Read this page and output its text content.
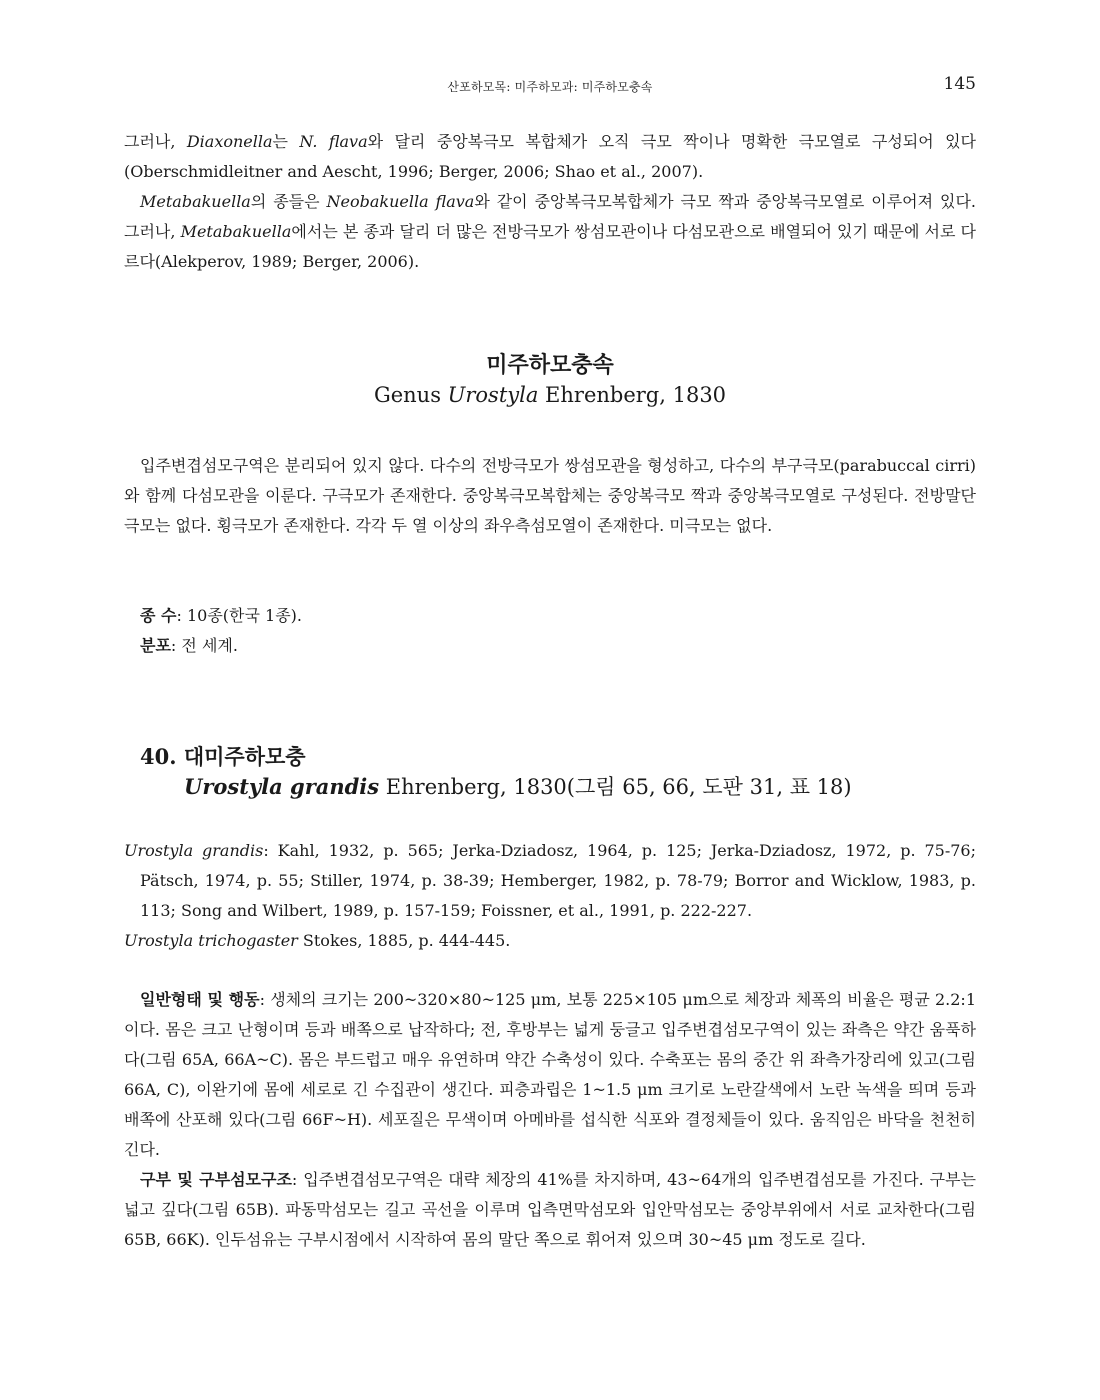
산포하모목: 미주하모과: 미주하모충속	145

그러나, Diaxonella는 N. flava와 달리 중앙복극모 복합체가 오직 극모 짝이나 명확한 극모열로 구성되어 있다(Oberschmidleitner and Aescht, 1996; Berger, 2006; Shao et al., 2007).

Metabakuella의 종들은 Neobakuella flava와 같이 중앙복극모복합체가 극모 짝과 중앙복극모열로 이루어져 있다. 그러나, Metabakuella에서는 본 종과 달리 더 많은 전방극모가 쌍섬모관이나 다섬모관으로 배열되어 있기 때문에 서로 다르다(Alekperov, 1989; Berger, 2006).

미주하모충속
Genus Urostyla Ehrenberg, 1830

입주변겹섬모구역은 분리되어 있지 않다. 다수의 전방극모가 쌍섬모관을 형성하고, 다수의 부구극모(parabuccal cirri)와 함께 다섬모관을 이룬다. 구극모가 존재한다. 중앙복극모복합체는 중앙복극모 짝과 중앙복극모열로 구성된다. 전방말단극모는 없다. 횡극모가 존재한다. 각각 두 열 이상의 좌우측섬모열이 존재한다. 미극모는 없다.

종 수: 10종(한국 1종).

분포: 전 세계.

40. 대미주하모충
Urostyla grandis Ehrenberg, 1830(그림 65, 66, 도판 31, 표 18)

Urostyla grandis: Kahl, 1932, p. 565; Jerka-Dziadosz, 1964, p. 125; Jerka-Dziadosz, 1972, p. 75-76; Pätsch, 1974, p. 55; Stiller, 1974, p. 38-39; Hemberger, 1982, p. 78-79; Borror and Wicklow, 1983, p. 113; Song and Wilbert, 1989, p. 157-159; Foissner, et al., 1991, p. 222-227.

Urostyla trichogaster Stokes, 1885, p. 444-445.

일반형태 및 행동: 생체의 크기는 200~320×80~125 μm, 보통 225×105 μm으로 체장과 체폭의 비율은 평균 2.2:1이다. 몸은 크고 난형이며 등과 배쪽으로 납작하다; 전, 후방부는 넓게 둥글고 입주변겹섬모구역이 있는 좌측은 약간 움푹하다(그림 65A, 66A~C). 몸은 부드럽고 매우 유연하며 약간 수축성이 있다. 수축포는 몸의 중간 위 좌측가장리에 있고(그림 66A, C), 이완기에 몸에 세로로 긴 수집관이 생긴다. 피층과립은 1~1.5 μm 크기로 노란갈색에서 노란 녹색을 띄며 등과 배쪽에 산포해 있다(그림 66F~H). 세포질은 무색이며 아메바를 섭식한 식포와 결정체들이 있다. 움직임은 바닥을 천천히 긴다.

구부 및 구부섬모구조: 입주변겹섬모구역은 대략 체장의 41%를 차지하며, 43~64개의 입주변겹섬모를 가진다. 구부는 넓고 깊다(그림 65B). 파동막섬모는 길고 곡선을 이루며 입측면막섬모와 입안막섬모는 중앙부위에서 서로 교차한다(그림 65B, 66K). 인두섬유는 구부시점에서 시작하여 몸의 말단 쪽으로 휘어져 있으며 30~45 μm 정도로 길다.
